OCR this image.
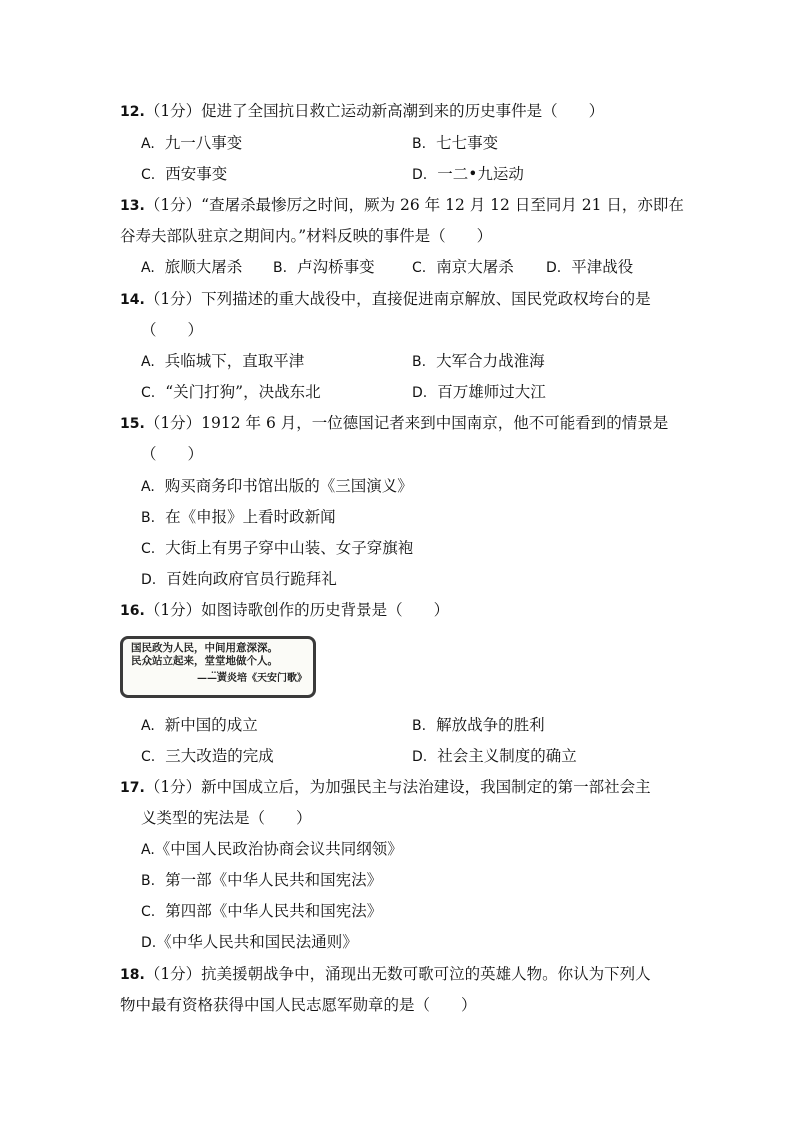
12.（1分）促进了全国抗日救亡运动新高潮到来的历史事件是（　　）
A. 九一八事变	B. 七七事变
C. 西安事变	D. 一二•九运动
13.（1分）“查屠杀最惨厉之时间，厥为 26 年 12 月 12 日至同月 21 日，亦即在
谷寿夫部队驻京之期间内。”材料反映的事件是（　　）
A. 旅顺大屠杀 B. 卢沟桥事变	C. 南京大屠杀 D. 平津战役
14.（1分）下列描述的重大战役中，直接促进南京解放、国民党政权垮台的是
（　　）
A. 兵临城下，直取平津	B. 大军合力战淮海
C. “关门打狗”，决战东北	D. 百万雄师过大江
15.（1分）1912 年 6 月，一位德国记者来到中国南京，他不可能看到的情景是
（　　）
A. 购买商务印书馆出版的《三国演义》
B. 在《申报》上看时政新闻
C. 大街上有男子穿中山装、女子穿旗袍
D. 百姓向政府官员行跪拜礼
16.（1分）如图诗歌创作的历史背景是（　　）
国民政为人民，中间用意深深。
民众站立起来，堂堂地做个人。
……
——黄炎培《天安门歌》
A. 新中国的成立	B. 解放战争的胜利
C. 三大改造的完成	D. 社会主义制度的确立
17.（1分）新中国成立后，为加强民主与法治建设，我国制定的第一部社会主
义类型的宪法是（　　）
A.《中国人民政治协商会议共同纲领》
B. 第一部《中华人民共和国宪法》
C. 第四部《中华人民共和国宪法》
D.《中华人民共和国民法通则》
18.（1分）抗美援朝战争中，涌现出无数可歌可泣的英雄人物。你认为下列人
物中最有资格获得中国人民志愿军勋章的是（　　）
